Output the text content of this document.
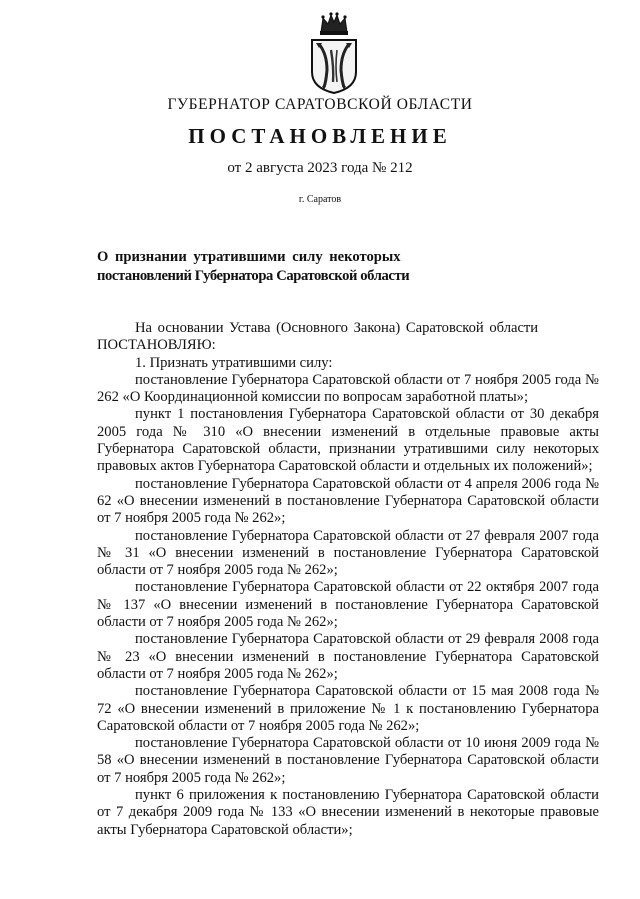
ГУБЕРНАТОР САРАТОВСКОЙ ОБЛАСТИ
ПОСТАНОВЛЕНИЕ
от 2 августа 2023 года № 212
г. Саратов
О признании утратившими силу некоторых
постановлений Губернатора Саратовской области

На основании Устава (Основного Закона) Саратовской области

ПОСТАНОВЛЯЮ:

1. Признать утратившими силу:

постановление Губернатора Саратовской области от 7 ноября 2005 года № 262 «О Координационной комиссии по вопросам заработной платы»;

пункт 1 постановления Губернатора Саратовской области от 30 декабря 2005 года № 310 «О внесении изменений в отдельные правовые акты Губернатора Саратовской области, признании утратившими силу некоторых правовых актов Губернатора Саратовской области и отдельных их положений»;

постановление Губернатора Саратовской области от 4 апреля 2006 года № 62 «О внесении изменений в постановление Губернатора Саратовской области от 7 ноября 2005 года № 262»;

постановление Губернатора Саратовской области от 27 февраля 2007 года № 31 «О внесении изменений в постановление Губернатора Саратовской области от 7 ноября 2005 года № 262»;

постановление Губернатора Саратовской области от 22 октября 2007 года № 137 «О внесении изменений в постановление Губернатора Саратовской области от 7 ноября 2005 года № 262»;

постановление Губернатора Саратовской области от 29 февраля 2008 года № 23 «О внесении изменений в постановление Губернатора Саратовской области от 7 ноября 2005 года № 262»;

постановление Губернатора Саратовской области от 15 мая 2008 года № 72 «О внесении изменений в приложение № 1 к постановлению Губернатора Саратовской области от 7 ноября 2005 года № 262»;

постановление Губернатора Саратовской области от 10 июня 2009 года № 58 «О внесении изменений в постановление Губернатора Саратовской области от 7 ноября 2005 года № 262»;

пункт 6 приложения к постановлению Губернатора Саратовской области от 7 декабря 2009 года № 133 «О внесении изменений в некоторые правовые акты Губернатора Саратовской области»;
